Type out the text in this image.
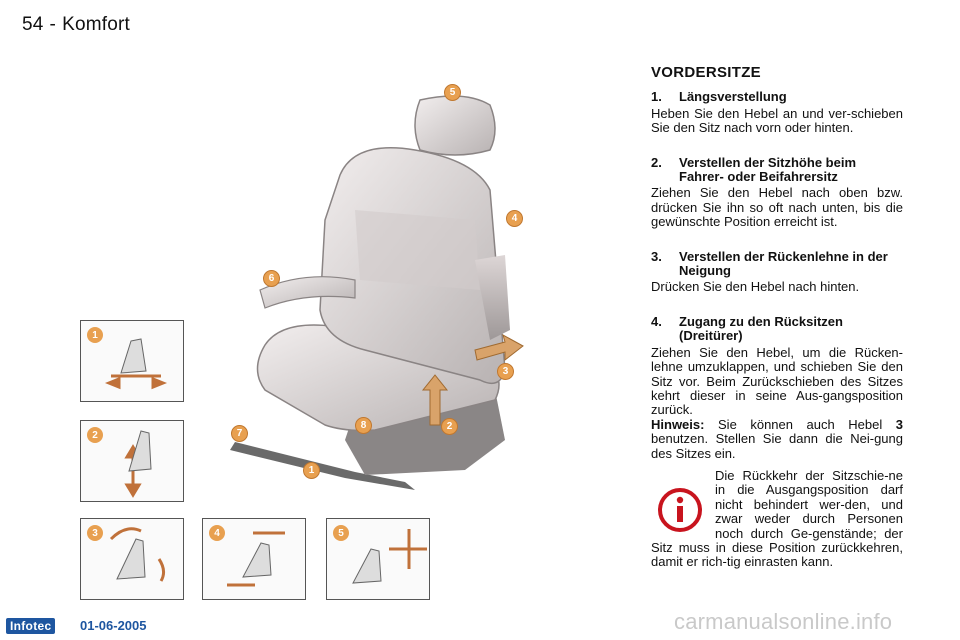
54 - Komfort
5
4
6
3
8	2
7
1
1
2
3	4	5
VORDERSITZE
1.	Längsverstellung
Heben Sie den Hebel an und ver-schieben Sie den Sitz nach vorn oder hinten.
2.	Verstellen der Sitzhöhe beim Fahrer- oder Beifahrersitz
Ziehen Sie den Hebel nach oben bzw. drücken Sie ihn so oft nach unten, bis die gewünschte Position erreicht ist.
3.	Verstellen der Rückenlehne in der Neigung
Drücken Sie den Hebel nach hinten.
4.	Zugang zu den Rücksitzen (Dreitürer)
Ziehen Sie den Hebel, um die Rücken-lehne umzuklappen, und schieben Sie den Sitz vor. Beim Zurückschieben des Sitzes kehrt dieser in seine Aus-gangsposition zurück.
Hinweis: Sie können auch Hebel 3 benutzen. Stellen Sie dann die Nei-gung des Sitzes ein.
Die Rückkehr der Sitzschie-ne in die Ausgangsposition darf nicht behindert wer-den, und zwar weder durch Personen noch durch Ge-genstände; der Sitz muss in diese Position zurückkehren, damit er rich-tig einrasten kann.
Infotec	01-06-2005	carmanualsonline.info
